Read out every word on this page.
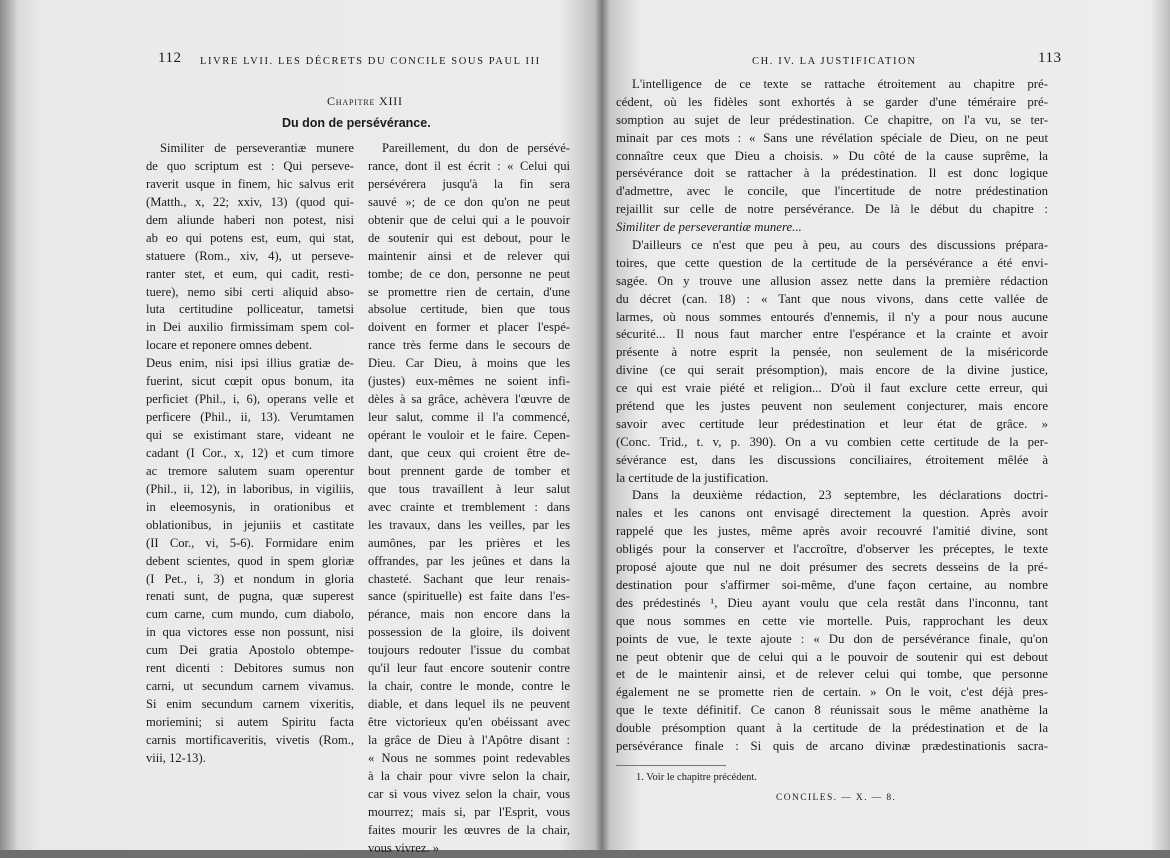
112 LIVRE LVII. LES DÉCRETS DU CONCILE SOUS PAUL III
Chapitre XIII
Du don de persévérance.
Similiter de perseverantiæ munere
de quo scriptum est : Qui perseve-
raverit usque in finem, hic salvus erit
(Matth., x, 22; xxiv, 13) (quod qui-
dem aliunde haberi non potest, nisi
ab eo qui potens est, eum, qui stat,
statuere (Rom., xiv, 4), ut perseve-
ranter stet, et eum, qui cadit, resti-
tuere), nemo sibi certi aliquid abso-
luta certitudine polliceatur, tametsi
in Dei auxilio firmissimam spem col-
locare et reponere omnes debent.
Deus enim, nisi ipsi illius gratiæ de-
fuerint, sicut cœpit opus bonum, ita
perficiet (Phil., i, 6), operans velle et
perficere (Phil., ii, 13). Verumtamen
qui se existimant stare, videant ne
cadant (I Cor., x, 12) et cum timore
ac tremore salutem suam operentur
(Phil., ii, 12), in laboribus, in vigiliis,
in eleemosynis, in orationibus et
oblationibus, in jejuniis et castitate
(II Cor., vi, 5-6). Formidare enim
debent scientes, quod in spem gloriæ
(I Pet., i, 3) et nondum in gloria
renati sunt, de pugna, quæ superest
cum carne, cum mundo, cum diabolo,
in qua victores esse non possunt, nisi
cum Dei gratia Apostolo obtempe-
rent dicenti : Debitores sumus non
carni, ut secundum carnem vivamus.
Si enim secundum carnem vixeritis,
moriemini; si autem Spiritu facta
carnis mortificaveritis, vivetis (Rom.,
viii, 12-13).
Pareillement, du don de persévé-
rance, dont il est écrit : « Celui qui
persévérera jusqu'à la fin sera
sauvé »; de ce don qu'on ne peut
obtenir que de celui qui a le pouvoir
de soutenir qui est debout, pour le
maintenir ainsi et de relever qui
tombe; de ce don, personne ne peut
se promettre rien de certain, d'une
absolue certitude, bien que tous
doivent en former et placer l'espé-
rance très ferme dans le secours de
Dieu. Car Dieu, à moins que les
(justes) eux-mêmes ne soient infi-
dèles à sa grâce, achèvera l'œuvre de
leur salut, comme il l'a commencé,
opérant le vouloir et le faire. Cepen-
dant, que ceux qui croient être de-
bout prennent garde de tomber et
que tous travaillent à leur salut
avec crainte et tremblement : dans
les travaux, dans les veilles, par les
aumônes, par les prières et les
offrandes, par les jeûnes et dans la
chasteté. Sachant que leur renais-
sance (spirituelle) est faite dans l'es-
pérance, mais non encore dans la
possession de la gloire, ils doivent
toujours redouter l'issue du combat
qu'il leur faut encore soutenir contre
la chair, contre le monde, contre le
diable, et dans lequel ils ne peuvent
être victorieux qu'en obéissant avec
la grâce de Dieu à l'Apôtre disant :
« Nous ne sommes point redevables
à la chair pour vivre selon la chair,
car si vous vivez selon la chair, vous
mourrez; mais si, par l'Esprit, vous
faites mourir les œuvres de la chair,
vous vivrez. »
CH. IV. LA JUSTIFICATION	113
L'intelligence de ce texte se rattache étroitement au chapitre pré-
cédent, où les fidèles sont exhortés à se garder d'une téméraire pré-
somption au sujet de leur prédestination. Ce chapitre, on l'a vu, se ter-
minait par ces mots : « Sans une révélation spéciale de Dieu, on ne peut
connaître ceux que Dieu a choisis. » Du côté de la cause suprême, la
persévérance doit se rattacher à la prédestination. Il est donc logique
d'admettre, avec le concile, que l'incertitude de notre prédestination
rejaillit sur celle de notre persévérance. De là le début du chapitre :
Similiter de perseverantiæ munere...
D'ailleurs ce n'est que peu à peu, au cours des discussions prépara-
toires, que cette question de la certitude de la persévérance a été envi-
sagée. On y trouve une allusion assez nette dans la première rédaction
du décret (can. 18) : « Tant que nous vivons, dans cette vallée de
larmes, où nous sommes entourés d'ennemis, il n'y a pour nous aucune
sécurité... Il nous faut marcher entre l'espérance et la crainte et avoir
présente à notre esprit la pensée, non seulement de la miséricorde
divine (ce qui serait présomption), mais encore de la divine justice,
ce qui est vraie piété et religion... D'où il faut exclure cette erreur, qui
prétend que les justes peuvent non seulement conjecturer, mais encore
savoir avec certitude leur prédestination et leur état de grâce. »
(Conc. Trid., t. v, p. 390). On a vu combien cette certitude de la per-
sévérance est, dans les discussions conciliaires, étroitement mêlée à
la certitude de la justification.
Dans la deuxième rédaction, 23 septembre, les déclarations doctri-
nales et les canons ont envisagé directement la question. Après avoir
rappelé que les justes, même après avoir recouvré l'amitié divine, sont
obligés pour la conserver et l'accroître, d'observer les préceptes, le texte
proposé ajoute que nul ne doit présumer des secrets desseins de la pré-
destination pour s'affirmer soi-même, d'une façon certaine, au nombre
des prédestinés ¹, Dieu ayant voulu que cela restât dans l'inconnu, tant
que nous sommes en cette vie mortelle. Puis, rapprochant les deux
points de vue, le texte ajoute : « Du don de persévérance finale, qu'on
ne peut obtenir que de celui qui a le pouvoir de soutenir qui est debout
et de le maintenir ainsi, et de relever celui qui tombe, que personne
également ne se promette rien de certain. » On le voit, c'est déjà pres-
que le texte définitif. Ce canon 8 réunissait sous le même anathème la
double présomption quant à la certitude de la prédestination et de la
persévérance finale : Si quis de arcano divinæ prædestinationis sacra-
1. Voir le chapitre précédent.
CONCILES. — X. — 8.
